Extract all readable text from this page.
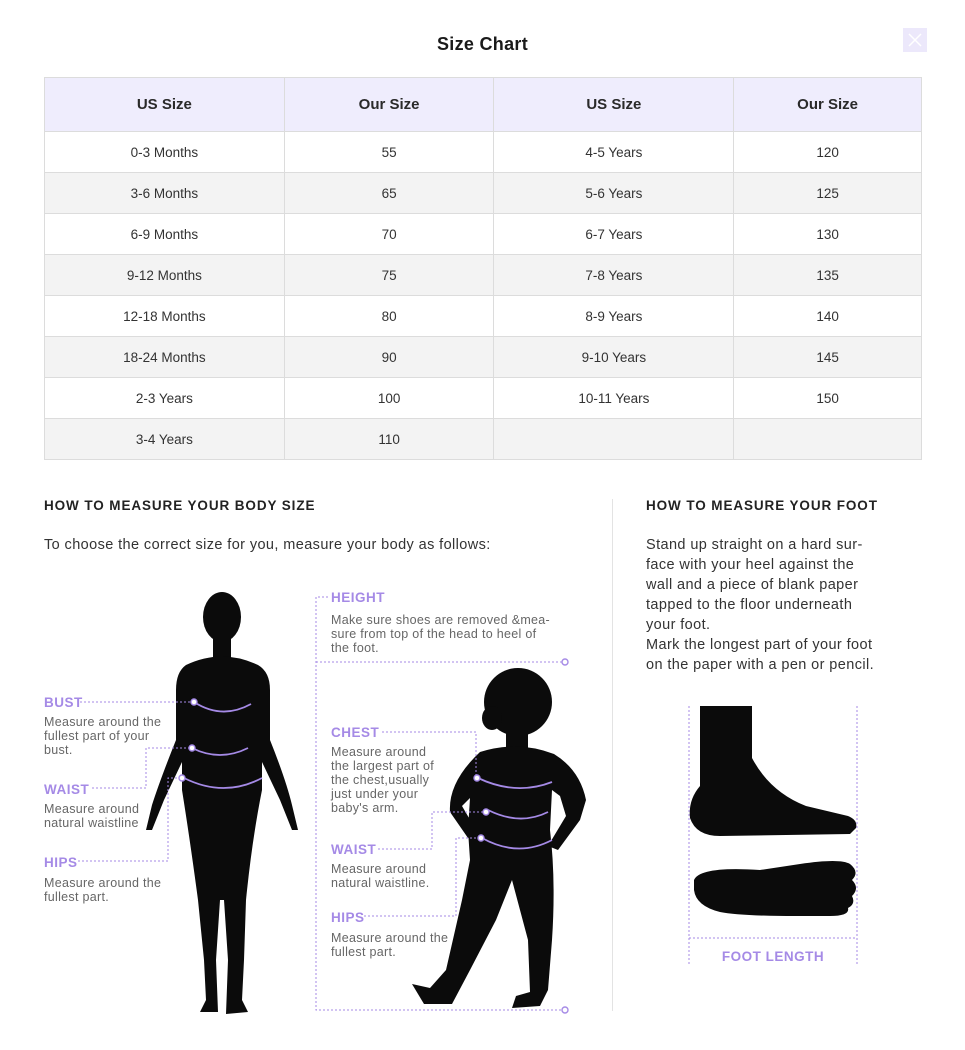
Size Chart
US Size	Our Size	US Size	Our Size
0-3 Months	55	4-5 Years	120
3-6 Months	65	5-6 Years	125
6-9 Months	70	6-7 Years	130
9-12 Months	75	7-8 Years	135
12-18 Months	80	8-9 Years	140
18-24 Months	90	9-10 Years	145
2-3 Years	100	10-11 Years	150
3-4 Years	110		
HOW TO MEASURE YOUR BODY SIZE
To choose the correct size for you, measure your body as follows:
BUST
Measure around the
fullest part of your
bust.
WAIST
Measure around
natural waistline
HIPS
Measure around the
fullest part.
HEIGHT
Make sure shoes are removed &mea-
sure from top of the head to heel of
the foot.
CHEST
Measure around
the largest part of
the chest,usually
just under your
baby's arm.
WAIST
Measure around
natural waistline.
HIPS
Measure around the
fullest part.
HOW TO MEASURE YOUR FOOT

Stand up straight on a hard sur-
face with your heel against the
wall and a piece of blank paper
tapped to the floor underneath
your foot.

Mark the longest part of your foot
on the paper with a pen or pencil.

FOOT LENGTH
